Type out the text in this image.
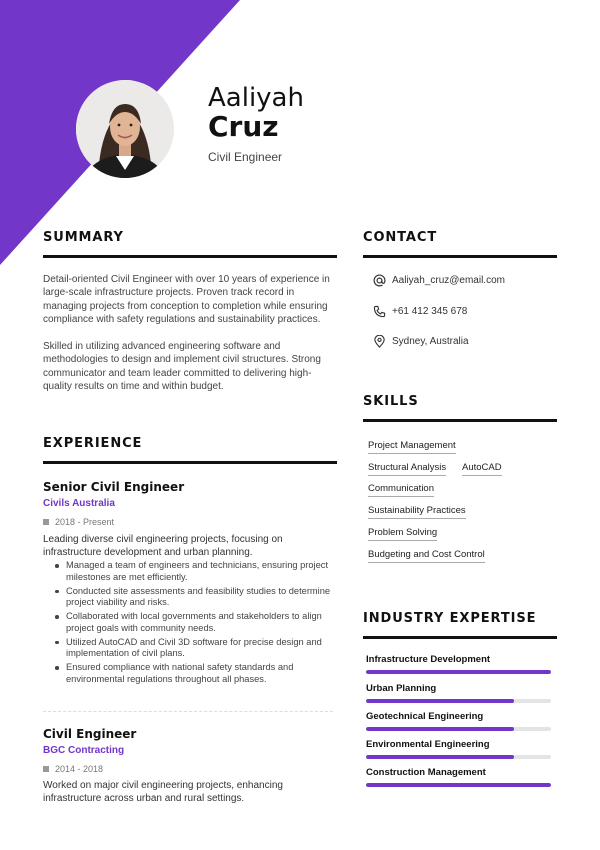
Aaliyah
Cruz
Civil Engineer
SUMMARY
Detail-oriented Civil Engineer with over 10 years of experience in large-scale infrastructure projects. Proven track record in managing projects from conception to completion while ensuring compliance with safety regulations and sustainability practices.
Skilled in utilizing advanced engineering software and methodologies to design and implement civil structures. Strong communicator and team leader committed to delivering high-quality results on time and within budget.
EXPERIENCE
Senior Civil Engineer
Civils Australia
2018 - Present
Leading diverse civil engineering projects, focusing on infrastructure development and urban planning.
Managed a team of engineers and technicians, ensuring project milestones are met efficiently.
Conducted site assessments and feasibility studies to determine project viability and risks.
Collaborated with local governments and stakeholders to align project goals with community needs.
Utilized AutoCAD and Civil 3D software for precise design and implementation of civil plans.
Ensured compliance with national safety standards and environmental regulations throughout all phases.
Civil Engineer
BGC Contracting
2014 - 2018
Worked on major civil engineering projects, enhancing infrastructure across urban and rural settings.
CONTACT
Aaliyah_cruz@email.com
+61 412 345 678
Sydney, Australia
SKILLS
Project Management
Structural Analysis AutoCAD
Communication
Sustainability Practices
Problem Solving
Budgeting and Cost Control
INDUSTRY EXPERTISE
Infrastructure Development
Urban Planning
Geotechnical Engineering
Environmental Engineering
Construction Management
